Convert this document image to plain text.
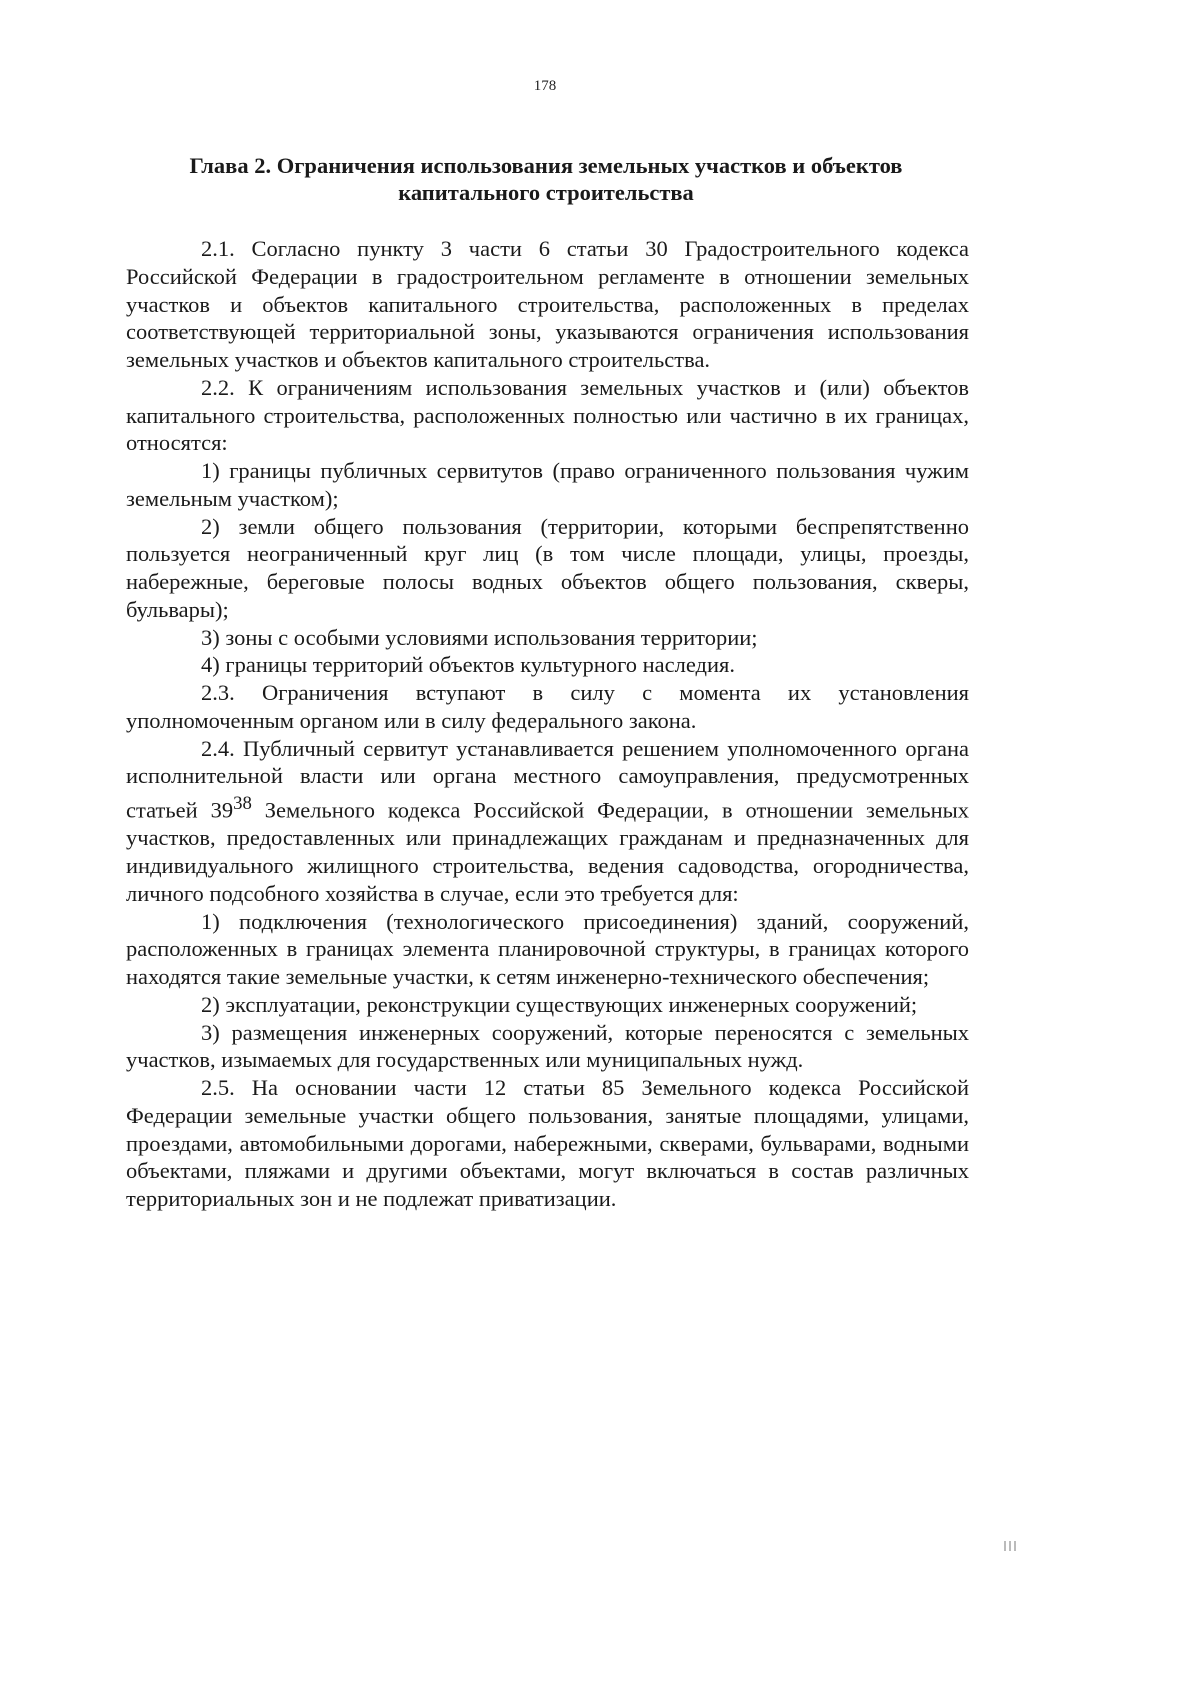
178
Глава 2. Ограничения использования земельных участков и объектов
капитального строительства

2.1. Согласно пункту 3 части 6 статьи 30 Градостроительного кодекса Российской Федерации в градостроительном регламенте в отношении земельных участков и объектов капитального строительства, расположенных в пределах соответствующей территориальной зоны, указываются ограничения использования земельных участков и объектов капитального строительства.

2.2. К ограничениям использования земельных участков и (или) объектов капитального строительства, расположенных полностью или частично в их границах, относятся:

1) границы публичных сервитутов (право ограниченного пользования чужим земельным участком);

2) земли общего пользования (территории, которыми беспрепятственно пользуется неограниченный круг лиц (в том числе площади, улицы, проезды, набережные, береговые полосы водных объектов общего пользования, скверы, бульвары);

3) зоны с особыми условиями использования территории;

4) границы территорий объектов культурного наследия.

2.3. Ограничения вступают в силу с момента их установления уполномоченным органом или в силу федерального закона.

2.4. Публичный сервитут устанавливается решением уполномоченного органа исполнительной власти или органа местного самоуправления, предусмотренных статьей $39^{38}$ Земельного кодекса Российской Федерации, в отношении земельных участков, предоставленных или принадлежащих гражданам и предназначенных для индивидуального жилищного строительства, ведения садоводства, огородничества, личного подсобного хозяйства в случае, если это требуется для:

1) подключения (технологического присоединения) зданий, сооружений, расположенных в границах элемента планировочной структуры, в границах которого находятся такие земельные участки, к сетям инженерно-технического обеспечения;

2) эксплуатации, реконструкции существующих инженерных сооружений;

3) размещения инженерных сооружений, которые переносятся с земельных участков, изымаемых для государственных или муниципальных нужд.

2.5. На основании части 12 статьи 85 Земельного кодекса Российской Федерации земельные участки общего пользования, занятые площадями, улицами, проездами, автомобильными дорогами, набережными, скверами, бульварами, водными объектами, пляжами и другими объектами, могут включаться в состав различных территориальных зон и не подлежат приватизации.
